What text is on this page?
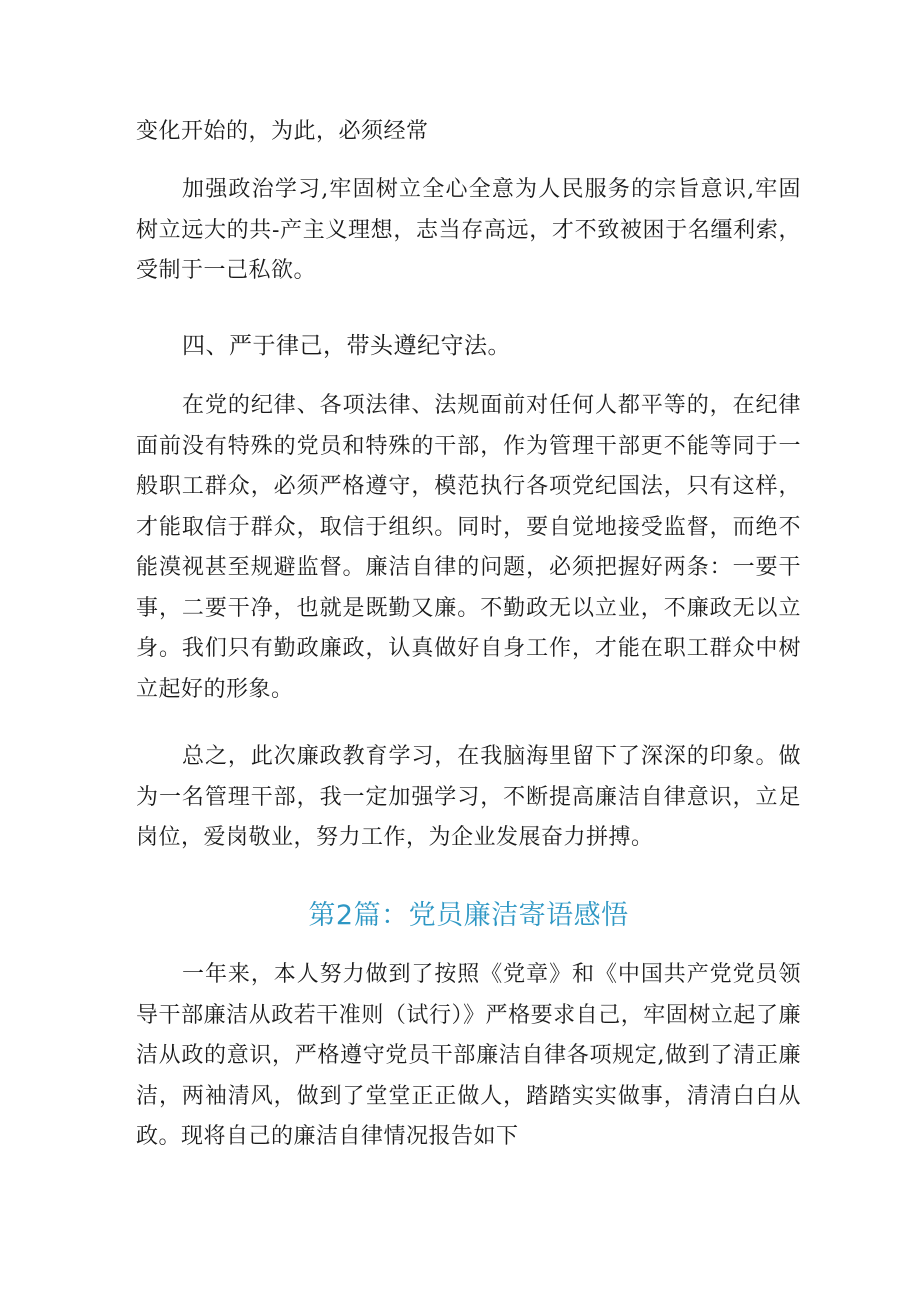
变化开始的，为此，必须经常

加强政治学习,牢固树立全心全意为人民服务的宗旨意识,牢固树立远大的共-产主义理想，志当存高远，才不致被困于名缰利索，受制于一己私欲。

四、严于律己，带头遵纪守法。

在党的纪律、各项法律、法规面前对任何人都平等的，在纪律面前没有特殊的党员和特殊的干部，作为管理干部更不能等同于一般职工群众，必须严格遵守，模范执行各项党纪国法，只有这样，才能取信于群众，取信于组织。同时，要自觉地接受监督，而绝不能漠视甚至规避监督。廉洁自律的问题，必须把握好两条：一要干事，二要干净，也就是既勤又廉。不勤政无以立业，不廉政无以立身。我们只有勤政廉政，认真做好自身工作，才能在职工群众中树立起好的形象。

总之，此次廉政教育学习，在我脑海里留下了深深的印象。做为一名管理干部，我一定加强学习，不断提高廉洁自律意识，立足岗位，爱岗敬业，努力工作，为企业发展奋力拼搏。

第2篇：党员廉洁寄语感悟

一年来，本人努力做到了按照《党章》和《中国共产党党员领导干部廉洁从政若干准则（试行）》严格要求自己，牢固树立起了廉洁从政的意识，严格遵守党员干部廉洁自律各项规定,做到了清正廉洁，两袖清风，做到了堂堂正正做人，踏踏实实做事，清清白白从政。现将自己的廉洁自律情况报告如下
